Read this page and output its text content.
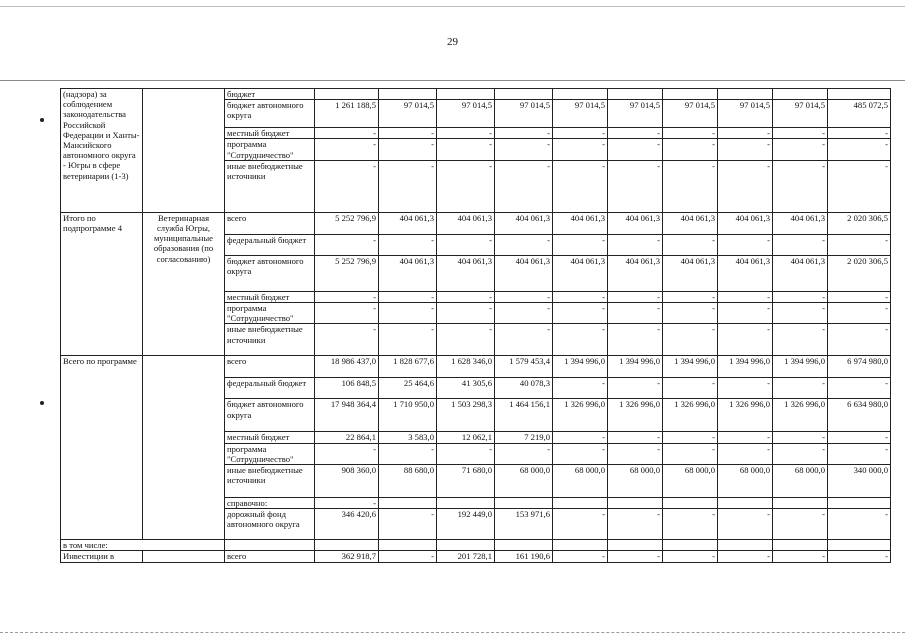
29
(надзора) за соблюдением законодательства Российской Федерации и Ханты-Мансийского автономного округа - Югры в сфере ветеринарии (1-3)		бюджет										
		бюджет автономного округа	1 261 188,5	97 014,5	97 014,5	97 014,5	97 014,5	97 014,5	97 014,5	97 014,5	97 014,5	485 072,5
		местный бюджет	-	-	-	-	-	-	-	-	-	-
		программа "Сотрудничество"	-	-	-	-	-	-	-	-	-	-
		иные внебюджетные источники	-	-	-	-	-	-	-	-	-	-
Итого по подпрограмме 4	Ветеринарная служба Югры, муниципальные образования (по согласованию)	всего	5 252 796,9	404 061,3	404 061,3	404 061,3	404 061,3	404 061,3	404 061,3	404 061,3	404 061,3	2 020 306,5
		федеральный бюджет	-	-	-	-	-	-	-	-	-	-
		бюджет автономного округа	5 252 796,9	404 061,3	404 061,3	404 061,3	404 061,3	404 061,3	404 061,3	404 061,3	404 061,3	2 020 306,5
		местный бюджет	-	-	-	-	-	-	-	-	-	-
		программа "Сотрудничество"	-	-	-	-	-	-	-	-	-	-
		иные внебюджетные источники	-	-	-	-	-	-	-	-	-	-
Всего по программе		всего	18 986 437,0	1 828 677,6	1 628 346,0	1 579 453,4	1 394 996,0	1 394 996,0	1 394 996,0	1 394 996,0	1 394 996,0	6 974 980,0
		федеральный бюджет	106 848,5	25 464,6	41 305,6	40 078,3	-	-	-	-	-	-
		бюджет автономного округа	17 948 364,4	1 710 950,0	1 503 298,3	1 464 156,1	1 326 996,0	1 326 996,0	1 326 996,0	1 326 996,0	1 326 996,0	6 634 980,0
		местный бюджет	22 864,1	3 583,0	12 062,1	7 219,0	-	-	-	-	-	-
		программа "Сотрудничество"	-	-	-	-	-	-	-	-	-	-
		иные внебюджетные источники	908 360,0	88 680,0	71 680,0	68 000,0	68 000,0	68 000,0	68 000,0	68 000,0	68 000,0	340 000,0
		справочно:	-									
		дорожный фонд автономного округа	346 420,6	-	192 449,0	153 971,6	-	-	-	-	-	-
в том числе:												
Инвестиции в		всего	362 918,7	-	201 728,1	161 190,6	-	-	-	-	-	-
